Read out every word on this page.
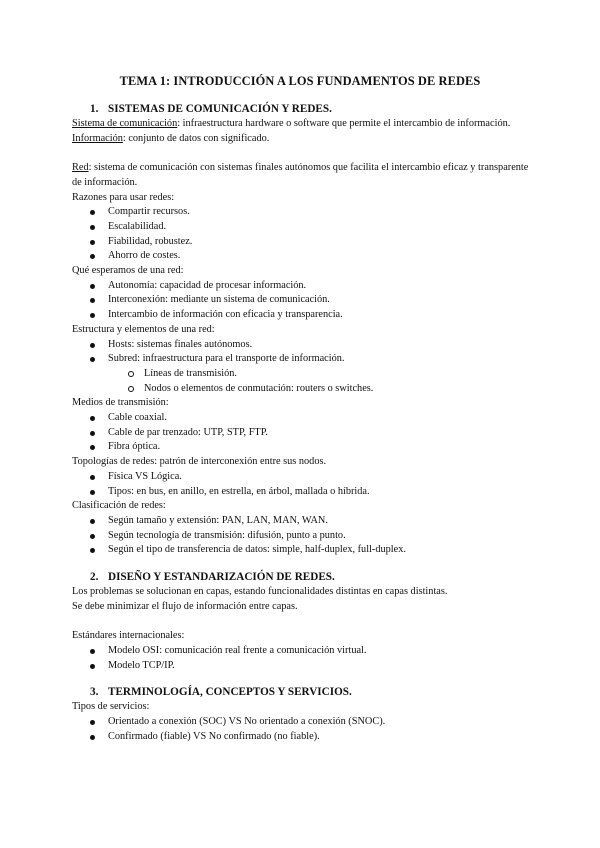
TEMA 1: INTRODUCCIÓN A LOS FUNDAMENTOS DE REDES
1. SISTEMAS DE COMUNICACIÓN Y REDES.
Sistema de comunicación: infraestructura hardware o software que permite el intercambio de información.
Información: conjunto de datos con significado.
Red: sistema de comunicación con sistemas finales autónomos que facilita el intercambio eficaz y transparente de información.
Razones para usar redes:
Compartir recursos.
Escalabilidad.
Fiabilidad, robustez.
Ahorro de costes.
Qué esperamos de una red:
Autonomía: capacidad de procesar información.
Interconexión: mediante un sistema de comunicación.
Intercambio de información con eficacia y transparencia.
Estructura y elementos de una red:
Hosts: sistemas finales autónomos.
Subred: infraestructura para el transporte de información.
Líneas de transmisión.
Nodos o elementos de conmutación: routers o switches.
Medios de transmisión:
Cable coaxial.
Cable de par trenzado: UTP, STP, FTP.
Fibra óptica.
Topologías de redes: patrón de interconexión entre sus nodos.
Física VS Lógica.
Tipos: en bus, en anillo, en estrella, en árbol, mallada o híbrida.
Clasificación de redes:
Según tamaño y extensión: PAN, LAN, MAN, WAN.
Según tecnología de transmisión: difusión, punto a punto.
Según el tipo de transferencia de datos: simple, half-duplex, full-duplex.
2. DISEÑO Y ESTANDARIZACIÓN DE REDES.
Los problemas se solucionan en capas, estando funcionalidades distintas en capas distintas.
Se debe minimizar el flujo de información entre capas.
Estándares internacionales:
Modelo OSI: comunicación real frente a comunicación virtual.
Modelo TCP/IP.
3. TERMINOLOGÍA, CONCEPTOS Y SERVICIOS.
Tipos de servicios:
Orientado a conexión (SOC) VS No orientado a conexión (SNOC).
Confirmado (fiable) VS No confirmado (no fiable).
